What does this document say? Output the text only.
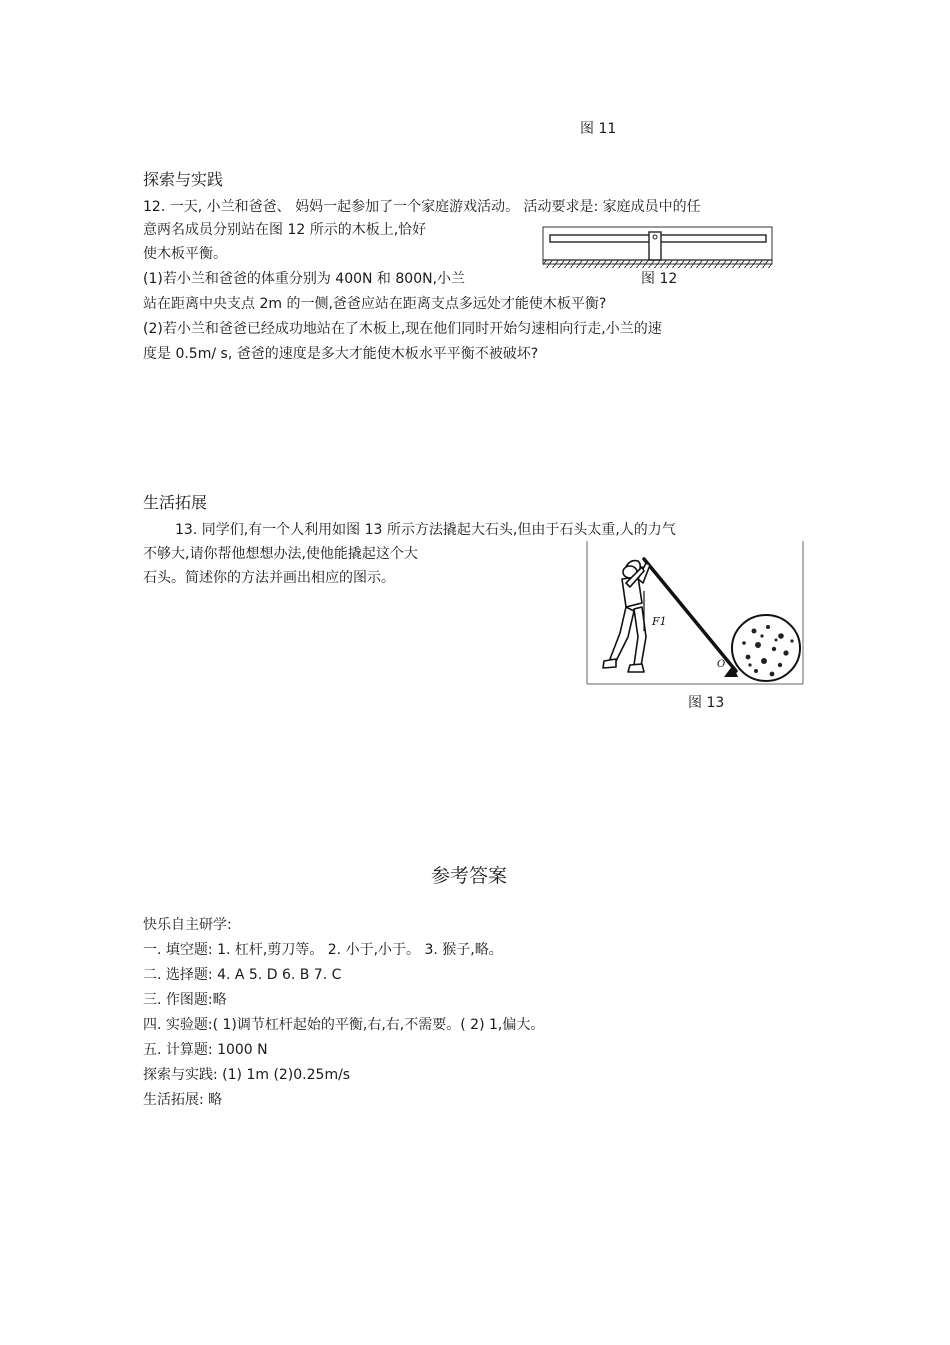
图 11
探索与实践
12. 一天, 小兰和爸爸、 妈妈一起参加了一个家庭游戏活动。 活动要求是: 家庭成员中的任
意两名成员分别站在图 12 所示的木板上,恰好
使木板平衡。
(1)若小兰和爸爸的体重分别为 400N 和 800N,小兰	图 12
站在距离中央支点 2m 的一侧,爸爸应站在距离支点多远处才能使木板平衡?
(2)若小兰和爸爸已经成功地站在了木板上,现在他们同时开始匀速相向行走,小兰的速
度是 0.5m/ s, 爸爸的速度是多大才能使木板水平平衡不被破坏?
生活拓展
13. 同学们,有一个人利用如图 13 所示方法撬起大石头,但由于石头太重,人的力气
不够大,请你帮他想想办法,使他能撬起这个大
石头。简述你的方法并画出相应的图示。
O
F1
图 13
参考答案
快乐自主研学:
一. 填空题: 1. 杠杆,剪刀等。 2. 小于,小于。 3. 猴子,略。
二. 选择题: 4. A 5. D 6. B 7. C
三. 作图题:略
四. 实验题:( 1)调节杠杆起始的平衡,右,右,不需要。( 2) 1,偏大。
五. 计算题: 1000 N
探索与实践: (1) 1m (2)0.25m/s
生活拓展: 略
